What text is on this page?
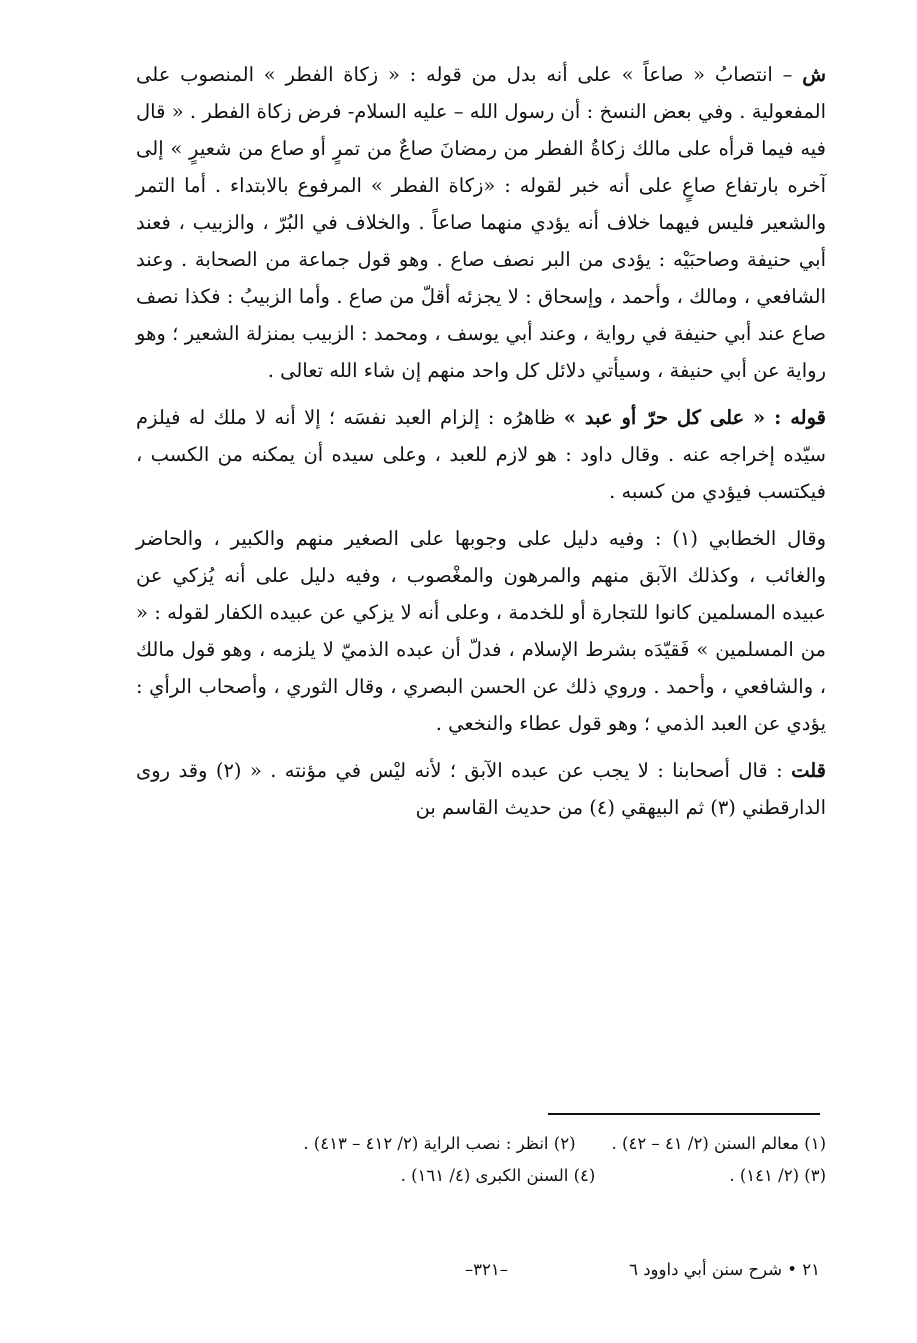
ش – انتصابُ « صاعاً » على أنه بدل من قوله : « زكاة الفطر » المنصوب على المفعولية . وفي بعض النسخ : أن رسول الله – عليه السلام- فرض زكاة الفطر . « قال فيه فيما قرأه على مالك زكاةُ الفطر من رمضانَ صاعٌ من تمرٍ أو صاع من شعيرٍ » إلى آخره بارتفاع صاعٍ على أنه خبر لقوله : «زكاة الفطر » المرفوع بالابتداء . أما التمر والشعير فليس فيهما خلاف أنه يؤدي منهما صاعاً . والخلاف في البُرّ ، والزبيب ، فعند أبي حنيفة وصاحبَيْه : يؤدى من البر نصف صاع . وهو قول جماعة من الصحابة . وعند الشافعي ، ومالك ، وأحمد ، وإسحاق : لا يجزئه أقلّ من صاع . وأما الزبيبُ : فكذا نصف صاع عند أبي حنيفة في رواية ، وعند أبي يوسف ، ومحمد : الزبيب بمنزلة الشعير ؛ وهو رواية عن أبي حنيفة ، وسيأتي دلائل كل واحد منهم إن شاء الله تعالى .

قوله : « على كل حرّ أو عبد » ظاهرُه : إلزام العبد نفسَه ؛ إلا أنه لا ملك له فيلزم سيّده إخراجه عنه . وقال داود : هو لازم للعبد ، وعلى سيده أن يمكنه من الكسب ، فيكتسب فيؤدي من كسبه .

وقال الخطابي (١) : وفيه دليل على وجوبها على الصغير منهم والكبير ، والحاضر والغائب ، وكذلك الآبق منهم والمرهون والمغْصوب ، وفيه دليل على أنه يُزكي عن عبيده المسلمين كانوا للتجارة أو للخدمة ، وعلى أنه لا يزكي عن عبيده الكفار لقوله : « من المسلمين » فَقيّدَه بشرط الإسلام ، فدلّ أن عبده الذميّ لا يلزمه ، وهو قول مالك ، والشافعي ، وأحمد . وروي ذلك عن الحسن البصري ، وقال الثوري ، وأصحاب الرأي : يؤدي عن العبد الذمي ؛ وهو قول عطاء والنخعي .

قلت : قال أصحابنا : لا يجب عن عبده الآبق ؛ لأنه ليْس في مؤنته . « (٢) وقد روى الدارقطني (٣) ثم البيهقي (٤) من حديث القاسم بن

(١) معالم السنن (٢/ ٤١ – ٤٢) .
(٢) انظر : نصب الراية (٢/ ٤١٢ – ٤١٣) .
(٣) (٢/ ١٤١) .
(٤) السنن الكبرى (٤/ ١٦١) .
٢١ • شرح سنن أبي داوود ٦
–٣٢١–
